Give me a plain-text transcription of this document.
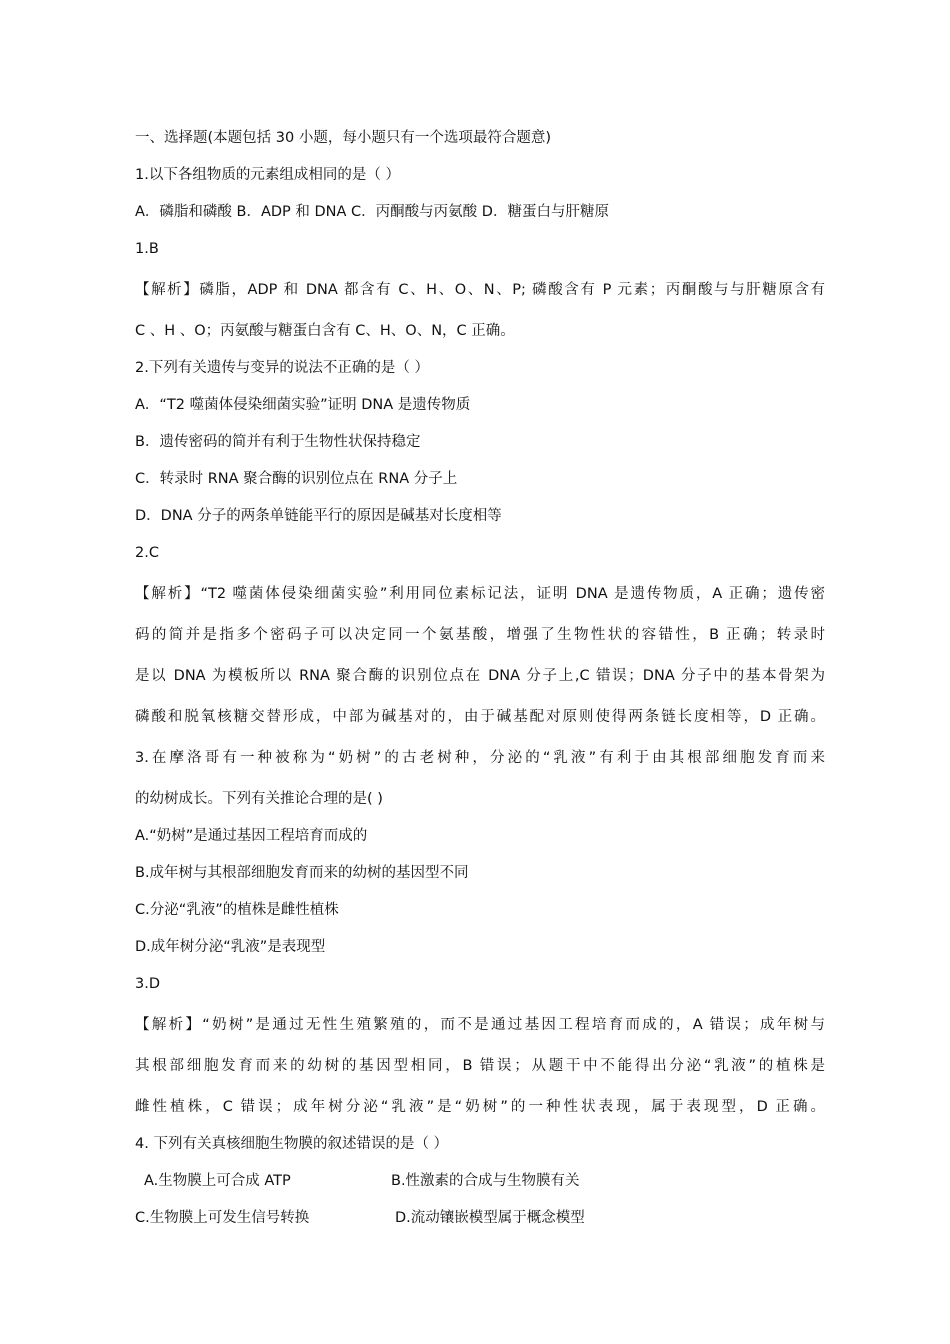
一、选择题(本题包括 30 小题，每小题只有一个选项最符合题意)

1.以下各组物质的元素组成相同的是（ ）

A．磷脂和磷酸 B．ADP 和 DNA C．丙酮酸与丙氨酸 D．糖蛋白与肝糖原

1.B

【解析】磷脂，ADP 和 DNA 都含有 C、H、O、N、P; 磷酸含有 P 元素；丙酮酸与与肝糖原含有

C 、H 、O；丙氨酸与糖蛋白含有 C、H、O、N，C 正确。

2.下列有关遗传与变异的说法不正确的是（ ）

A．“T2 噬菌体侵染细菌实验”证明 DNA 是遗传物质

B．遗传密码的简并有利于生物性状保持稳定

C．转录时 RNA 聚合酶的识别位点在 RNA 分子上

D．DNA 分子的两条单链能平行的原因是碱基对长度相等

2.C

【解析】“T2 噬菌体侵染细菌实验”利用同位素标记法，证明 DNA 是遗传物质，A 正确；遗传密

码的简并是指多个密码子可以决定同一个氨基酸，增强了生物性状的容错性，B 正确；转录时

是以 DNA 为模板所以 RNA 聚合酶的识别位点在 DNA 分子上,C 错误；DNA 分子中的基本骨架为

磷酸和脱氧核糖交替形成，中部为碱基对的，由于碱基配对原则使得两条链长度相等，D 正确。

3.在摩洛哥有一种被称为“奶树”的古老树种，分泌的“乳液”有利于由其根部细胞发育而来

的幼树成长。下列有关推论合理的是( )

A.“奶树”是通过基因工程培育而成的

B.成年树与其根部细胞发育而来的幼树的基因型不同

C.分泌“乳液”的植株是雌性植株

D.成年树分泌“乳液”是表现型

3.D

【解析】“奶树”是通过无性生殖繁殖的，而不是通过基因工程培育而成的，A 错误；成年树与

其根部细胞发育而来的幼树的基因型相同，B 错误；从题干中不能得出分泌“乳液”的植株是

雌性植株，C 错误；成年树分泌“乳液”是“奶树”的一种性状表现，属于表现型，D 正确。

4. 下列有关真核细胞生物膜的叙述错误的是（ ）

A.生物膜上可合成 ATP	B.性激素的合成与生物膜有关
C.生物膜上可发生信号转换	D.流动镶嵌模型属于概念模型
